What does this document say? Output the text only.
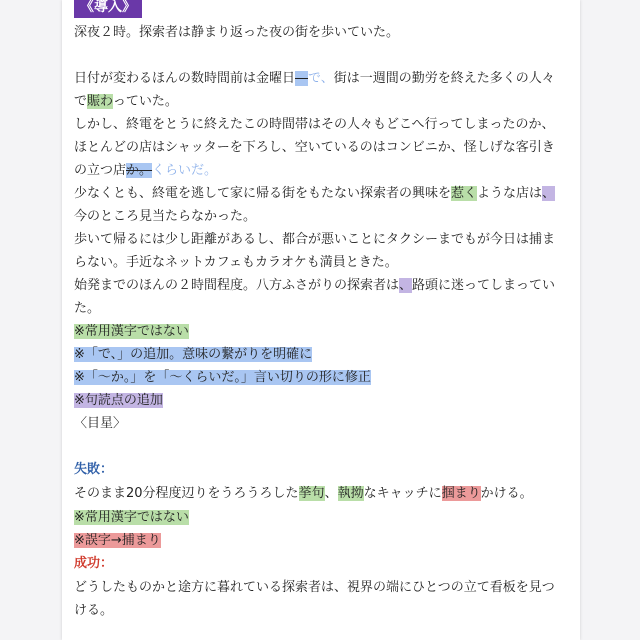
《導入》
深夜２時。探索者は静まり返った夜の街を歩いていた。
日付が変わるほんの数時間前は金曜日—で、街は一週間の勤労を終えた多くの人々
で賑わっていた。
しかし、終電をとうに終えたこの時間帯はその人々もどこへ行ってしまったのか、
ほとんどの店はシャッターを下ろし、空いているのはコンビニか、怪しげな客引き
の立つ店か。くらいだ。
少なくとも、終電を逃して家に帰る街をもたない探索者の興味を惹くような店は、
今のところ見当たらなかった。
歩いて帰るには少し距離があるし、都合が悪いことにタクシーまでもが今日は捕ま
らない。手近なネットカフェもカラオケも満員ときた。
始発までのほんの２時間程度。八方ふさがりの探索者は、路頭に迷ってしまってい
た。
※常用漢字ではない
※「で、」の追加。意味の繋がりを明確に
※「〜か。」を「〜くらいだ。」言い切りの形に修正
※句読点の追加
〈目星〉
失敗：
そのまま20分程度辺りをうろうろした挙句、執拗なキャッチに掴まりかける。
※常用漢字ではない
※誤字→捕まり
成功：
どうしたものかと途方に暮れている探索者は、視界の端にひとつの立て看板を見つ
ける。
